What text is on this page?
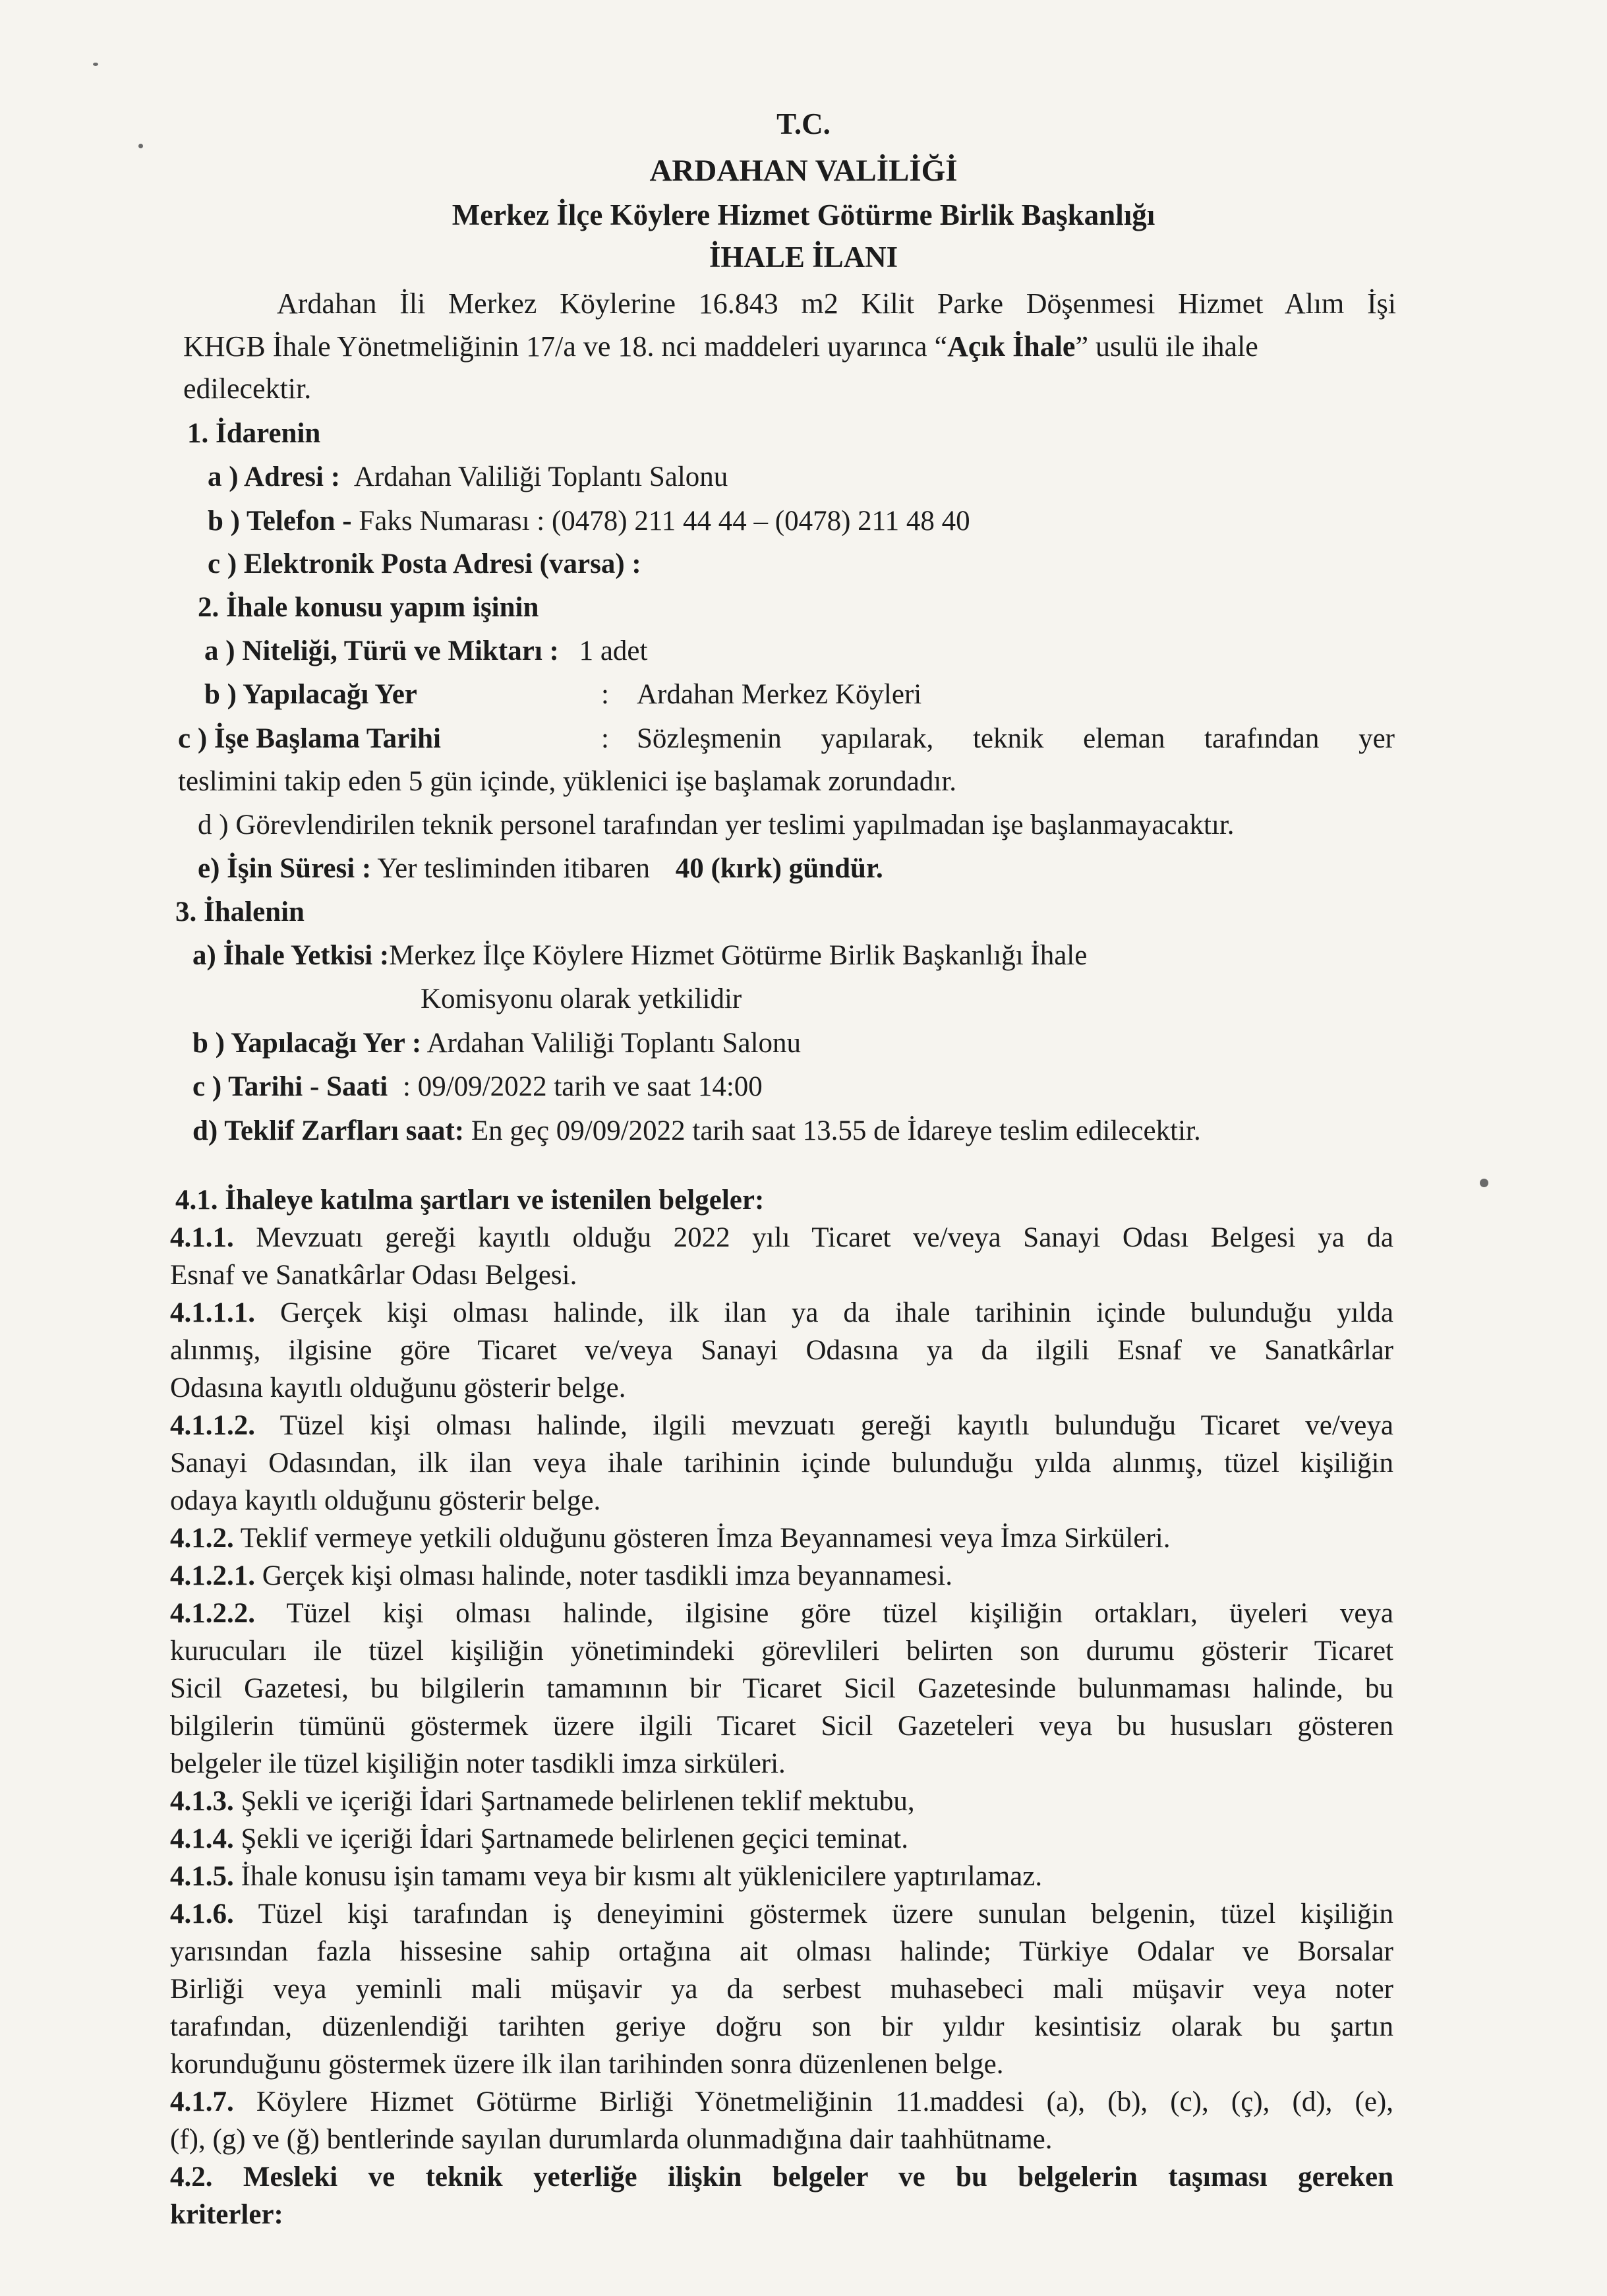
T.C.
ARDAHAN VALİLİĞİ
Merkez İlçe Köylere Hizmet Götürme Birlik Başkanlığı
İHALE İLANI
Ardahan İli Merkez Köylerine 16.843 m2 Kilit Parke Döşenmesi Hizmet Alım İşi
KHGB İhale Yönetmeliğinin 17/a ve 18. nci maddeleri uyarınca “Açık İhale” usulü ile ihale
edilecektir.
1. İdarenin
a ) Adresi : Ardahan Valiliği Toplantı Salonu
b ) Telefon - Faks Numarası : (0478) 211 44 44 – (0478) 211 48 40
c ) Elektronik Posta Adresi (varsa) :
2. İhale konusu yapım işinin
a ) Niteliği, Türü ve Miktarı : 1 adet
b ) Yapılacağı Yer	: Ardahan Merkez Köyleri
c ) İşe Başlama Tarihi	: Sözleşmenin yapılarak, teknik eleman tarafından yer
teslimini takip eden 5 gün içinde, yüklenici işe başlamak zorundadır.
d ) Görevlendirilen teknik personel tarafından yer teslimi yapılmadan işe başlanmayacaktır.
e) İşin Süresi : Yer tesliminden itibaren 40 (kırk) gündür.
3. İhalenin
a) İhale Yetkisi :Merkez İlçe Köylere Hizmet Götürme Birlik Başkanlığı İhale
Komisyonu olarak yetkilidir
b ) Yapılacağı Yer : Ardahan Valiliği Toplantı Salonu
c ) Tarihi - Saati : 09/09/2022 tarih ve saat 14:00
d) Teklif Zarfları saat: En geç 09/09/2022 tarih saat 13.55 de İdareye teslim edilecektir.
4.1. İhaleye katılma şartları ve istenilen belgeler:
4.1.1. Mevzuatı gereği kayıtlı olduğu 2022 yılı Ticaret ve/veya Sanayi Odası Belgesi ya da
Esnaf ve Sanatkârlar Odası Belgesi.
4.1.1.1. Gerçek kişi olması halinde, ilk ilan ya da ihale tarihinin içinde bulunduğu yılda
alınmış, ilgisine göre Ticaret ve/veya Sanayi Odasına ya da ilgili Esnaf ve Sanatkârlar
Odasına kayıtlı olduğunu gösterir belge.
4.1.1.2. Tüzel kişi olması halinde, ilgili mevzuatı gereği kayıtlı bulunduğu Ticaret ve/veya
Sanayi Odasından, ilk ilan veya ihale tarihinin içinde bulunduğu yılda alınmış, tüzel kişiliğin
odaya kayıtlı olduğunu gösterir belge.
4.1.2. Teklif vermeye yetkili olduğunu gösteren İmza Beyannamesi veya İmza Sirküleri.
4.1.2.1. Gerçek kişi olması halinde, noter tasdikli imza beyannamesi.
4.1.2.2. Tüzel kişi olması halinde, ilgisine göre tüzel kişiliğin ortakları, üyeleri veya
kurucuları ile tüzel kişiliğin yönetimindeki görevlileri belirten son durumu gösterir Ticaret
Sicil Gazetesi, bu bilgilerin tamamının bir Ticaret Sicil Gazetesinde bulunmaması halinde, bu
bilgilerin tümünü göstermek üzere ilgili Ticaret Sicil Gazeteleri veya bu hususları gösteren
belgeler ile tüzel kişiliğin noter tasdikli imza sirküleri.
4.1.3. Şekli ve içeriği İdari Şartnamede belirlenen teklif mektubu,
4.1.4. Şekli ve içeriği İdari Şartnamede belirlenen geçici teminat.
4.1.5. İhale konusu işin tamamı veya bir kısmı alt yüklenicilere yaptırılamaz.
4.1.6. Tüzel kişi tarafından iş deneyimini göstermek üzere sunulan belgenin, tüzel kişiliğin
yarısından fazla hissesine sahip ortağına ait olması halinde; Türkiye Odalar ve Borsalar
Birliği veya yeminli mali müşavir ya da serbest muhasebeci mali müşavir veya noter
tarafından, düzenlendiği tarihten geriye doğru son bir yıldır kesintisiz olarak bu şartın
korunduğunu göstermek üzere ilk ilan tarihinden sonra düzenlenen belge.
4.1.7. Köylere Hizmet Götürme Birliği Yönetmeliğinin 11.maddesi (a), (b), (c), (ç), (d), (e),
(f), (g) ve (ğ) bentlerinde sayılan durumlarda olunmadığına dair taahhütname.
4.2. Mesleki ve teknik yeterliğe ilişkin belgeler ve bu belgelerin taşıması gereken
kriterler:
